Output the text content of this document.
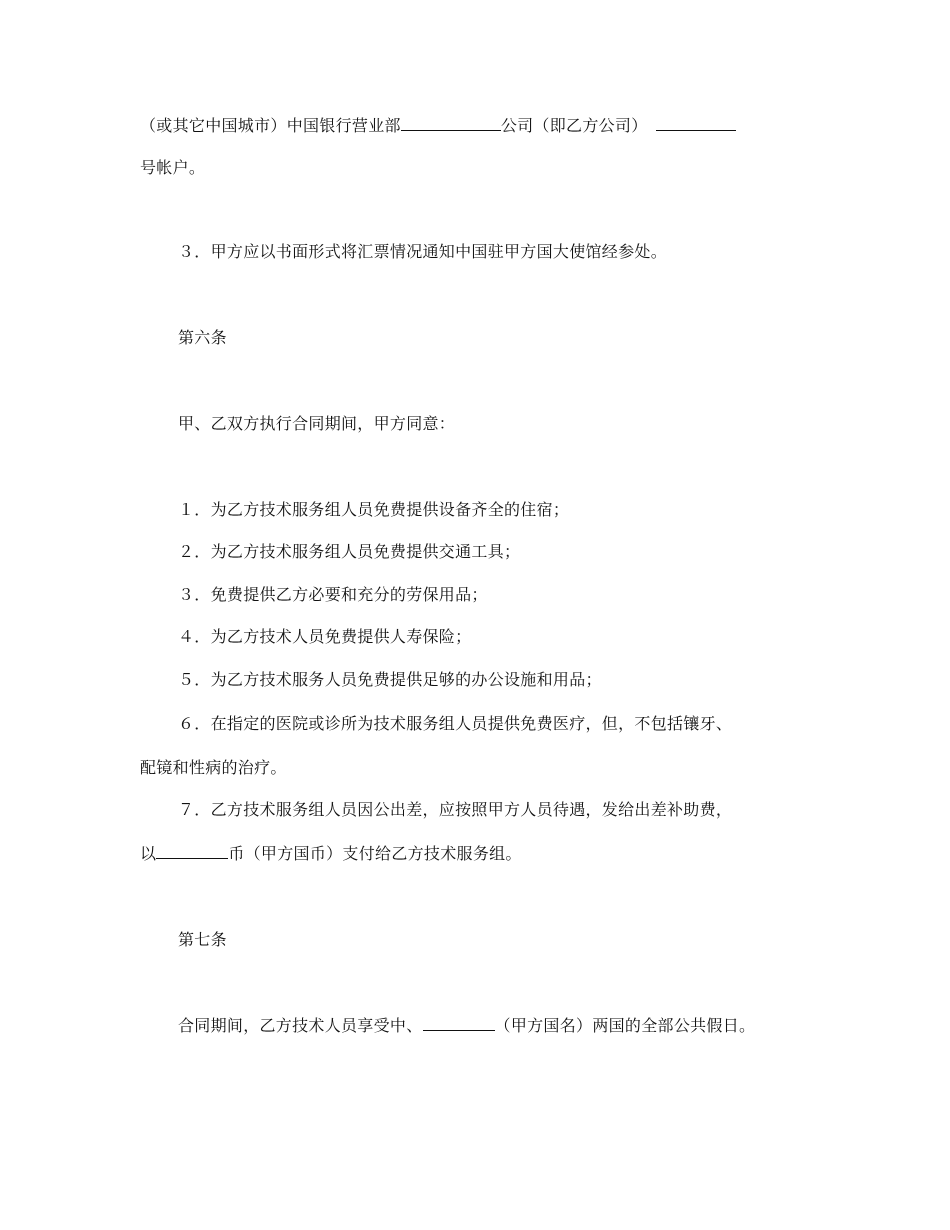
（或其它中国城市）中国银行营业部	公司（即乙方公司）
号帐户。
３．甲方应以书面形式将汇票情况通知中国驻甲方国大使馆经参处。
第六条
甲、乙双方执行合同期间，甲方同意：
１．为乙方技术服务组人员免费提供设备齐全的住宿；
２．为乙方技术服务组人员免费提供交通工具；
３．免费提供乙方必要和充分的劳保用品；
４．为乙方技术人员免费提供人寿保险；
５．为乙方技术服务人员免费提供足够的办公设施和用品；
６．在指定的医院或诊所为技术服务组人员提供免费医疗，但，不包括镶牙、
配镜和性病的治疗。
７．乙方技术服务组人员因公出差，应按照甲方人员待遇，发给出差补助费，
以	币（甲方国币）支付给乙方技术服务组。
第七条
合同期间，乙方技术人员享受中、	（甲方国名）两国的全部公共假日。
